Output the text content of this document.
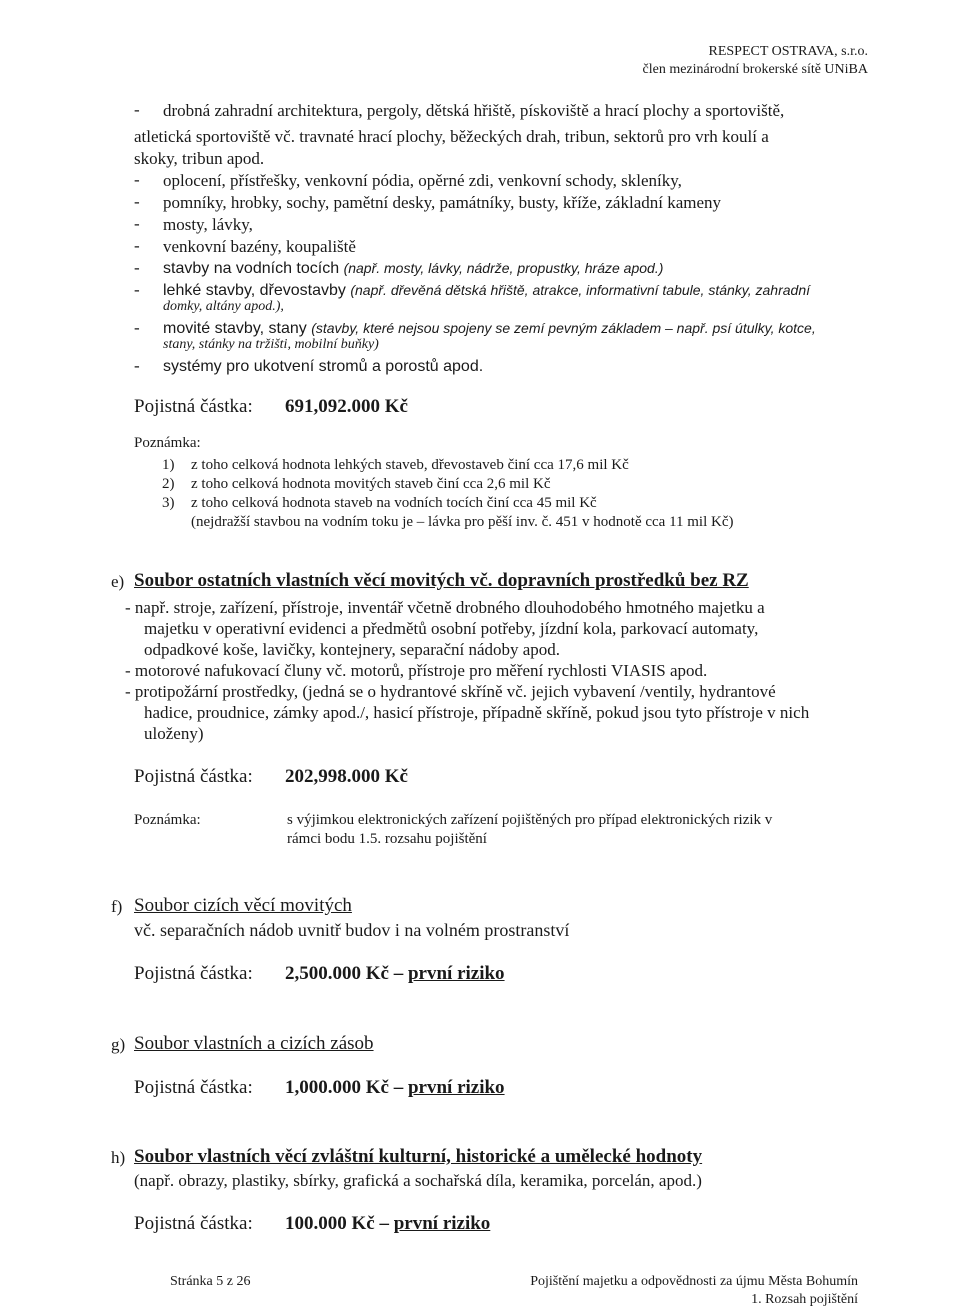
RESPECT OSTRAVA, s.r.o.
člen mezinárodní brokerské sítě UNiBA
- drobná zahradní architektura, pergoly, dětská hřiště, pískoviště a hrací plochy a sportoviště,
atletická sportoviště vč. travnaté hrací plochy, běžeckých drah, tribun, sektorů pro vrh koulí a
skoky, tribun apod.
- oplocení, přístřešky, venkovní pódia, opěrné zdi, venkovní schody, skleníky,
- pomníky, hrobky, sochy, pamětní desky, památníky, busty, kříže, základní kameny
- mosty, lávky,
- venkovní bazény, koupaliště
- stavby na vodních tocích (např. mosty, lávky, nádrže, propustky, hráze apod.)
- lehké stavby, dřevostavby (např. dřevěná dětská hřiště, atrakce, informativní tabule, stánky, zahradní
domky, altány apod.),
- movité stavby, stany (stavby, které nejsou spojeny se zemí pevným základem – např. psí útulky, kotce,
stany, stánky na tržišti, mobilní buňky)
- systémy pro ukotvení stromů a porostů apod.
Pojistná částka: 691,092.000 Kč
Poznámka:
1) z toho celková hodnota lehkých staveb, dřevostaveb činí cca 17,6 mil Kč
2) z toho celková hodnota movitých staveb činí cca 2,6 mil Kč
3) z toho celková hodnota staveb na vodních tocích činí cca 45 mil Kč
(nejdražší stavbou na vodním toku je – lávka pro pěší inv. č. 451 v hodnotě cca 11 mil Kč)
e) Soubor ostatních vlastních věcí movitých vč. dopravních prostředků bez RZ
- např. stroje, zařízení, přístroje, inventář včetně drobného dlouhodobého hmotného majetku a
majetku v operativní evidenci a předmětů osobní potřeby, jízdní kola, parkovací automaty,
odpadkové koše, lavičky, kontejnery, separační nádoby apod.
- motorové nafukovací čluny vč. motorů, přístroje pro měření rychlosti VIASIS apod.
- protipožární prostředky, (jedná se o hydrantové skříně vč. jejich vybavení /ventily, hydrantové
hadice, proudnice, zámky apod./, hasicí přístroje, případně skříně, pokud jsou tyto přístroje v nich
uloženy)
Pojistná částka: 202,998.000 Kč
Poznámka:	s výjimkou elektronických zařízení pojištěných pro případ elektronických rizik v
rámci bodu 1.5. rozsahu pojištění
f) Soubor cizích věcí movitých
vč. separačních nádob uvnitř budov i na volném prostranství
Pojistná částka: 2,500.000 Kč – první riziko
g) Soubor vlastních a cizích zásob
Pojistná částka: 1,000.000 Kč – první riziko
h) Soubor vlastních věcí zvláštní kulturní, historické a umělecké hodnoty
(např. obrazy, plastiky, sbírky, grafická a sochařská díla, keramika, porcelán, apod.)
Pojistná částka: 100.000 Kč – první riziko
Stránka 5 z 26	Pojištění majetku a odpovědnosti za újmu Města Bohumín
1. Rozsah pojištění
